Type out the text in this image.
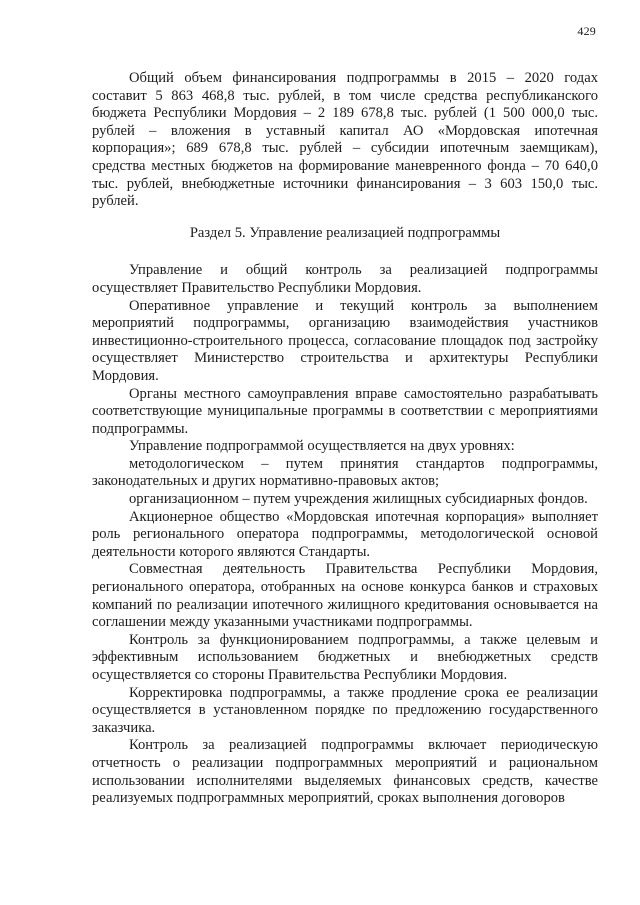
429

Общий объем финансирования подпрограммы в 2015 – 2020 годах составит 5 863 468,8 тыс. рублей, в том числе средства республиканского бюджета Республики Мордовия – 2 189 678,8 тыс. рублей (1 500 000,0 тыс. рублей – вложения в уставный капитал АО «Мордовская ипотечная корпорация»; 689 678,8 тыс. рублей – субсидии ипотечным заемщикам), средства местных бюджетов на формирование маневренного фонда – 70 640,0 тыс. рублей, внебюджетные источники финансирования – 3 603 150,0 тыс. рублей.

Раздел 5. Управление реализацией подпрограммы

Управление и общий контроль за реализацией подпрограммы осуществляет Правительство Республики Мордовия.

Оперативное управление и текущий контроль за выполнением мероприятий подпрограммы, организацию взаимодействия участников инвестиционно-строительного процесса, согласование площадок под застройку осуществляет Министерство строительства и архитектуры Республики Мордовия.

Органы местного самоуправления вправе самостоятельно разрабатывать соответствующие муниципальные программы в соответствии с мероприятиями подпрограммы.

Управление подпрограммой осуществляется на двух уровнях:

методологическом – путем принятия стандартов подпрограммы, законодательных и других нормативно-правовых актов;

организационном – путем учреждения жилищных субсидиарных фондов.

Акционерное общество «Мордовская ипотечная корпорация» выполняет роль регионального оператора подпрограммы, методологической основой деятельности которого являются Стандарты.

Совместная деятельность Правительства Республики Мордовия, регионального оператора, отобранных на основе конкурса банков и страховых компаний по реализации ипотечного жилищного кредитования основывается на соглашении между указанными участниками подпрограммы.

Контроль за функционированием подпрограммы, а также целевым и эффективным использованием бюджетных и внебюджетных средств осуществляется со стороны Правительства Республики Мордовия.

Корректировка подпрограммы, а также продление срока ее реализации осуществляется в установленном порядке по предложению государственного заказчика.

Контроль за реализацией подпрограммы включает периодическую отчетность о реализации подпрограммных мероприятий и рациональном использовании исполнителями выделяемых финансовых средств, качестве реализуемых подпрограммных мероприятий, сроках выполнения договоров
